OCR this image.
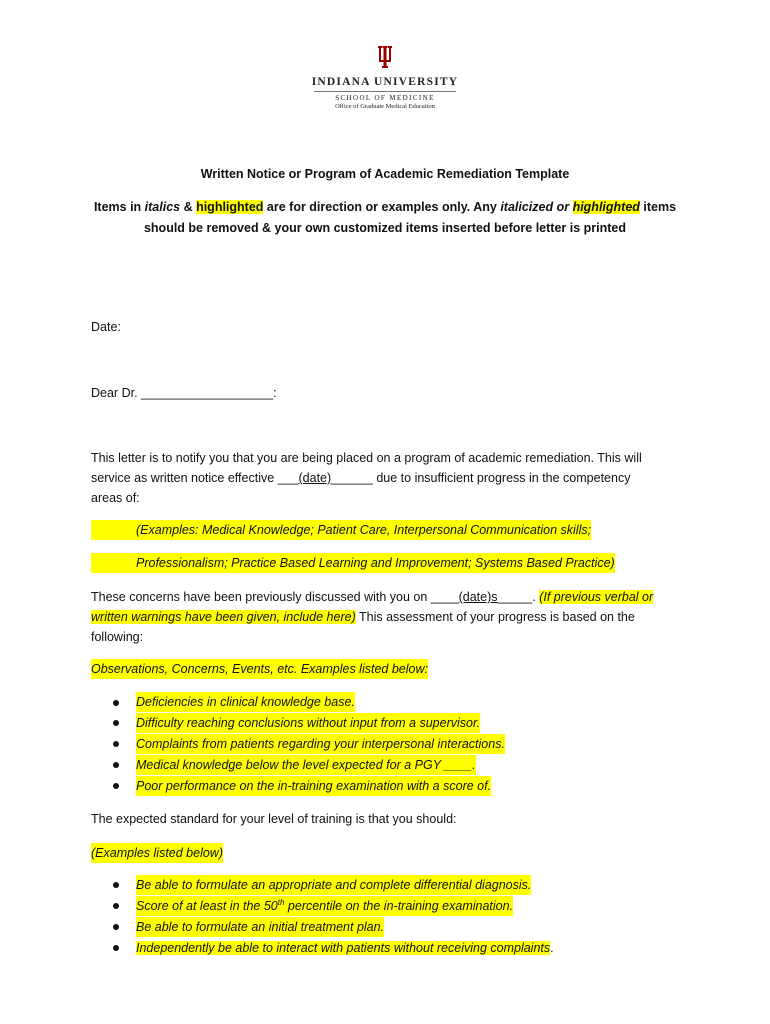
INDIANA UNIVERSITY
SCHOOL OF MEDICINE
Office of Graduate Medical Education
Written Notice or Program of Academic Remediation Template
Items in italics & highlighted are for direction or examples only. Any italicized or highlighted items
should be removed & your own customized items inserted before letter is printed
Date:
Dear Dr. ___________________:
This letter is to notify you that you are being placed on a program of academic remediation. This will
service as written notice effective ___(date)______ due to insufficient progress in the competency
areas of:
(Examples: Medical Knowledge; Patient Care, Interpersonal Communication skills;
Professionalism; Practice Based Learning and Improvement; Systems Based Practice)
These concerns have been previously discussed with you on ____(date)s_____. (If previous verbal or
written warnings have been given, include here) This assessment of your progress is based on the
following:
Observations, Concerns, Events, etc. Examples listed below:
Deficiencies in clinical knowledge base.
Difficulty reaching conclusions without input from a supervisor.
Complaints from patients regarding your interpersonal interactions.
Medical knowledge below the level expected for a PGY ____.
Poor performance on the in-training examination with a score of.
The expected standard for your level of training is that you should:
(Examples listed below)
Be able to formulate an appropriate and complete differential diagnosis.
Score of at least in the 50th percentile on the in-training examination.
Be able to formulate an initial treatment plan.
Independently be able to interact with patients without receiving complaints.
